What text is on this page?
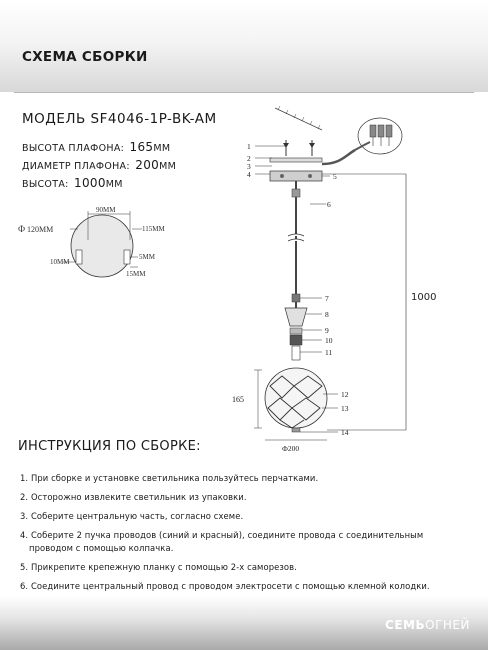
СХЕМА СБОРКИ
МОДЕЛЬ SF4046-1P-BK-AM
ВЫСОТА ПЛАФОНА: 165ММ
ДИАМЕТР ПЛАФОНА: 200ММ
ВЫСОТА: 1000ММ
90ММ
Ф 120ММ	115ММ
10ММ
5ММ
15ММ
165
Ф200
1000
1
2
3
4	5
6
7
8
9
10
11
12
13
14
ИНСТРУКЦИЯ ПО СБОРКЕ:
1. При сборке и установке светильника пользуйтесь перчатками.
2. Осторожно извлеките светильник из упаковки.
3. Соберите центральную часть, согласно схеме.
4. Соберите 2 пучка проводов (синий и красный), соедините провода с соединительным
проводом с помощью колпачка.
5. Прикрепите крепежную планку с помощью 2-х саморезов.
6. Соедините центральный провод с проводом электросети с помощью клемной колодки.
СЕМЬОГНЕЙ
